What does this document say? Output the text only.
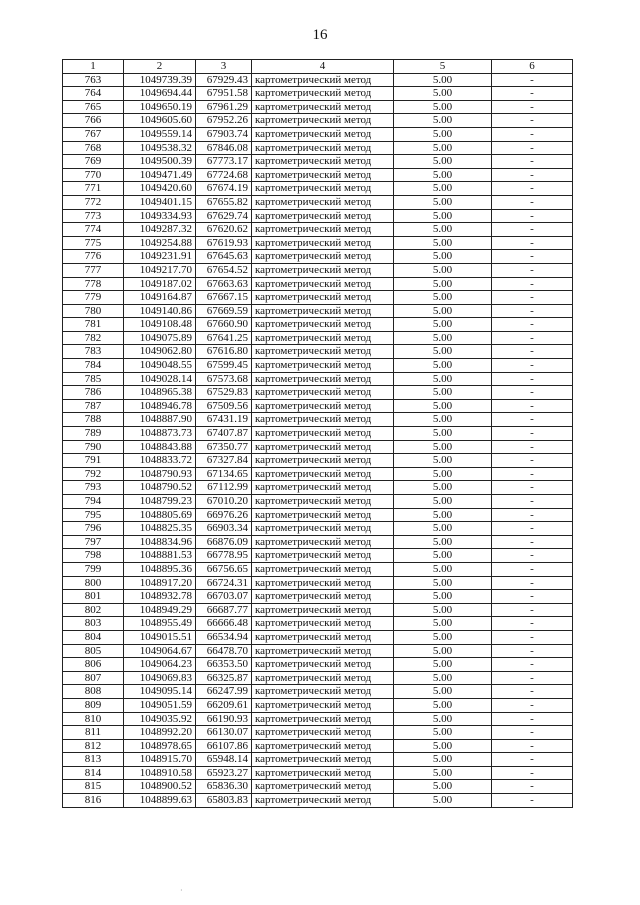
16
1	2	3	4	5	6
763	1049739.39	67929.43	картометрический метод	5.00	-
764	1049694.44	67951.58	картометрический метод	5.00	-
765	1049650.19	67961.29	картометрический метод	5.00	-
766	1049605.60	67952.26	картометрический метод	5.00	-
767	1049559.14	67903.74	картометрический метод	5.00	-
768	1049538.32	67846.08	картометрический метод	5.00	-
769	1049500.39	67773.17	картометрический метод	5.00	-
770	1049471.49	67724.68	картометрический метод	5.00	-
771	1049420.60	67674.19	картометрический метод	5.00	-
772	1049401.15	67655.82	картометрический метод	5.00	-
773	1049334.93	67629.74	картометрический метод	5.00	-
774	1049287.32	67620.62	картометрический метод	5.00	-
775	1049254.88	67619.93	картометрический метод	5.00	-
776	1049231.91	67645.63	картометрический метод	5.00	-
777	1049217.70	67654.52	картометрический метод	5.00	-
778	1049187.02	67663.63	картометрический метод	5.00	-
779	1049164.87	67667.15	картометрический метод	5.00	-
780	1049140.86	67669.59	картометрический метод	5.00	-
781	1049108.48	67660.90	картометрический метод	5.00	-
782	1049075.89	67641.25	картометрический метод	5.00	-
783	1049062.80	67616.80	картометрический метод	5.00	-
784	1049048.55	67599.45	картометрический метод	5.00	-
785	1049028.14	67573.68	картометрический метод	5.00	-
786	1048965.38	67529.83	картометрический метод	5.00	-
787	1048946.78	67509.56	картометрический метод	5.00	-
788	1048887.90	67431.19	картометрический метод	5.00	-
789	1048873.73	67407.87	картометрический метод	5.00	-
790	1048843.88	67350.77	картометрический метод	5.00	-
791	1048833.72	67327.84	картометрический метод	5.00	-
792	1048790.93	67134.65	картометрический метод	5.00	-
793	1048790.52	67112.99	картометрический метод	5.00	-
794	1048799.23	67010.20	картометрический метод	5.00	-
795	1048805.69	66976.26	картометрический метод	5.00	-
796	1048825.35	66903.34	картометрический метод	5.00	-
797	1048834.96	66876.09	картометрический метод	5.00	-
798	1048881.53	66778.95	картометрический метод	5.00	-
799	1048895.36	66756.65	картометрический метод	5.00	-
800	1048917.20	66724.31	картометрический метод	5.00	-
801	1048932.78	66703.07	картометрический метод	5.00	-
802	1048949.29	66687.77	картометрический метод	5.00	-
803	1048955.49	66666.48	картометрический метод	5.00	-
804	1049015.51	66534.94	картометрический метод	5.00	-
805	1049064.67	66478.70	картометрический метод	5.00	-
806	1049064.23	66353.50	картометрический метод	5.00	-
807	1049069.83	66325.87	картометрический метод	5.00	-
808	1049095.14	66247.99	картометрический метод	5.00	-
809	1049051.59	66209.61	картометрический метод	5.00	-
810	1049035.92	66190.93	картометрический метод	5.00	-
811	1048992.20	66130.07	картометрический метод	5.00	-
812	1048978.65	66107.86	картометрический метод	5.00	-
813	1048915.70	65948.14	картометрический метод	5.00	-
814	1048910.58	65923.27	картометрический метод	5.00	-
815	1048900.52	65836.30	картометрический метод	5.00	-
816	1048899.63	65803.83	картометрический метод	5.00	-
·
